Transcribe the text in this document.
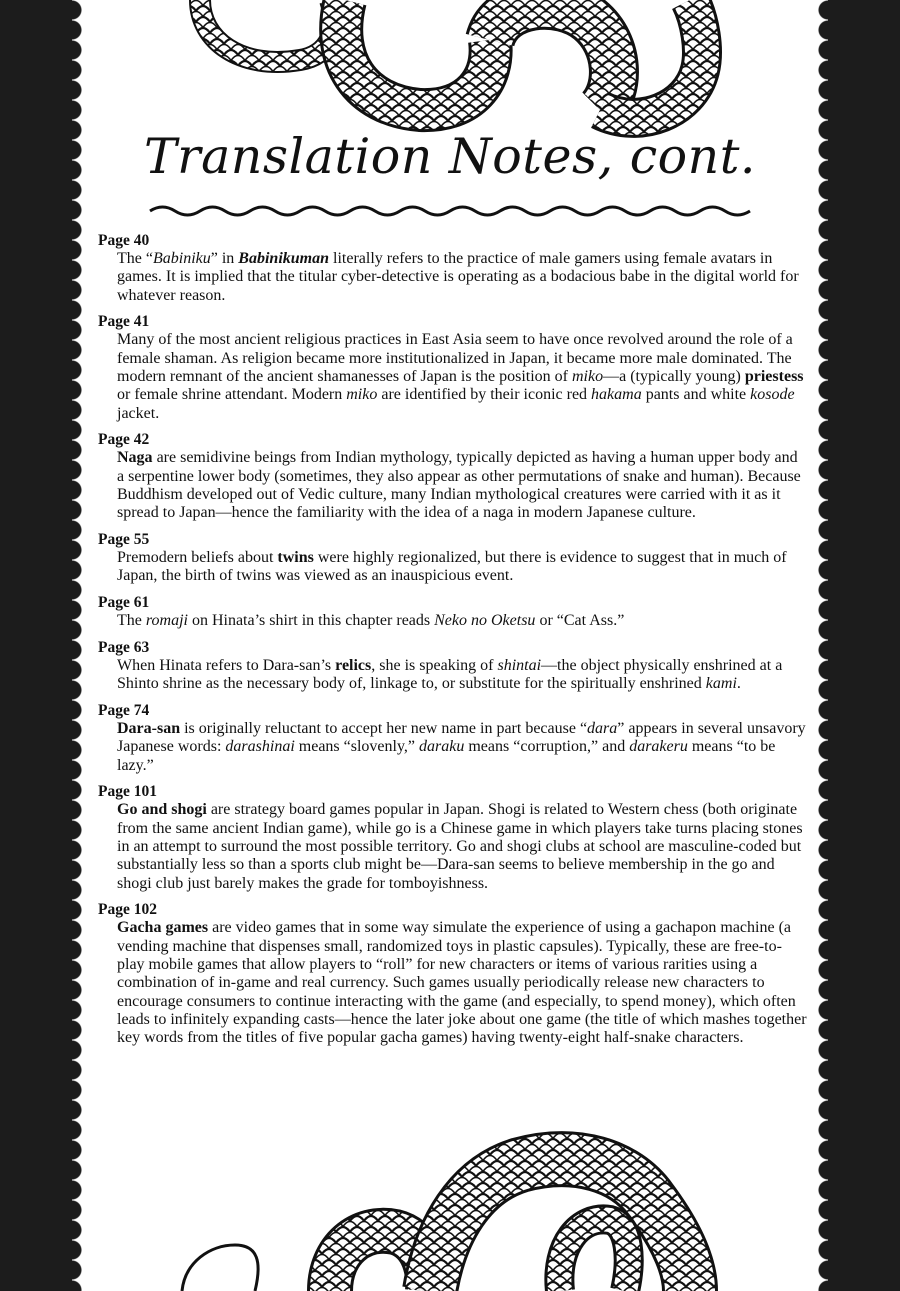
Translation Notes, cont.
Page 40
The “Babiniku” in Babinikuman literally refers to the practice of male gamers using female avatars in games. It is implied that the titular cyber-detective is operating as a bodacious babe in the digital world for whatever reason.
Page 41
Many of the most ancient religious practices in East Asia seem to have once revolved around the role of a female shaman. As religion became more institutionalized in Japan, it became more male dominated. The modern remnant of the ancient shamanesses of Japan is the position of miko—a (typically young) priestess or female shrine attendant. Modern miko are identified by their iconic red hakama pants and white kosode jacket.
Page 42
Naga are semidivine beings from Indian mythology, typically depicted as having a human upper body and a serpentine lower body (sometimes, they also appear as other permutations of snake and human). Because Buddhism developed out of Vedic culture, many Indian mythological creatures were carried with it as it spread to Japan—hence the familiarity with the idea of a naga in modern Japanese culture.
Page 55
Premodern beliefs about twins were highly regionalized, but there is evidence to suggest that in much of Japan, the birth of twins was viewed as an inauspicious event.
Page 61
The romaji on Hinata’s shirt in this chapter reads Neko no Oketsu or “Cat Ass.”
Page 63
When Hinata refers to Dara-san’s relics, she is speaking of shintai—the object physically enshrined at a Shinto shrine as the necessary body of, linkage to, or substitute for the spiritually enshrined kami.
Page 74
Dara-san is originally reluctant to accept her new name in part because “dara” appears in several unsavory Japanese words: darashinai means “slovenly,” daraku means “corruption,” and darakeru means “to be lazy.”
Page 101
Go and shogi are strategy board games popular in Japan. Shogi is related to Western chess (both originate from the same ancient Indian game), while go is a Chinese game in which players take turns placing stones in an attempt to surround the most possible territory. Go and shogi clubs at school are masculine-coded but substantially less so than a sports club might be—Dara-san seems to believe membership in the go and shogi club just barely makes the grade for tomboyishness.
Page 102
Gacha games are video games that in some way simulate the experience of using a gachapon machine (a vending machine that dispenses small, randomized toys in plastic capsules). Typically, these are free-to-play mobile games that allow players to “roll” for new characters or items of various rarities using a combination of in-game and real currency. Such games usually periodically release new characters to encourage consumers to continue interacting with the game (and especially, to spend money), which often leads to infinitely expanding casts—hence the later joke about one game (the title of which mashes together key words from the titles of five popular gacha games) having twenty-eight half-snake characters.
